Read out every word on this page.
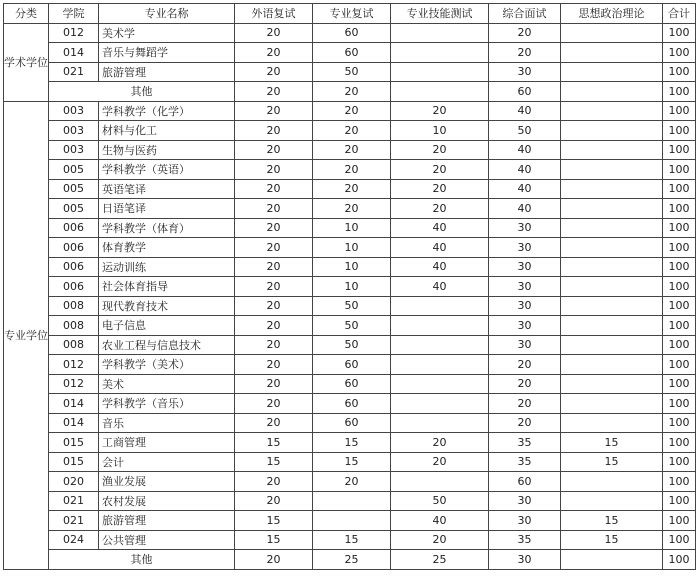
分类	学院	专业名称	外语复试	专业复试	专业技能测试	综合面试	思想政治理论	合计
学术学位	012	美术学	20	60		20		100
	014	音乐与舞蹈学	20	60		20		100
	021	旅游管理	20	50		30		100
	其他		20	20		60		100
专业学位	003	学科教学（化学）	20	20	20	40		100
	003	材料与化工	20	20	10	50		100
	003	生物与医药	20	20	20	40		100
	005	学科教学（英语）	20	20	20	40		100
	005	英语笔译	20	20	20	40		100
	005	日语笔译	20	20	20	40		100
	006	学科教学（体育）	20	10	40	30		100
	006	体育教学	20	10	40	30		100
	006	运动训练	20	10	40	30		100
	006	社会体育指导	20	10	40	30		100
	008	现代教育技术	20	50		30		100
	008	电子信息	20	50		30		100
	008	农业工程与信息技术	20	50		30		100
	012	学科教学（美术）	20	60		20		100
	012	美术	20	60		20		100
	014	学科教学（音乐）	20	60		20		100
	014	音乐	20	60		20		100
	015	工商管理	15	15	20	35	15	100
	015	会计	15	15	20	35	15	100
	020	渔业发展	20	20		60		100
	021	农村发展	20		50	30		100
	021	旅游管理	15		40	30	15	100
	024	公共管理	15	15	20	35	15	100
	其他		20	25	25	30		100
